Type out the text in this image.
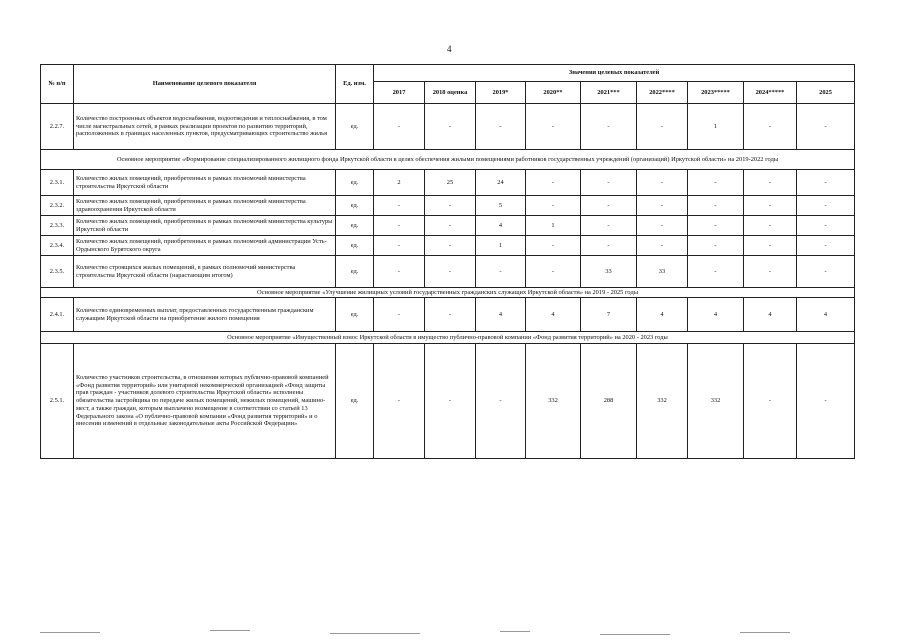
4
№ п/п	Наименование целевого показателя	Ед. изм.	Значения целевых показателей								
			2017	2018 оценка	2019*	2020**	2021***	2022****	2023*****	2024*****	2025
2.2.7.	Количество построенных объектов водоснабжения, водоотведения и теплоснабжения, в том числе магистральных сетей, в рамках реализации проектов по развитию территорий, расположенных в границах населенных пунктов, предусматривающих строительство жилья	ед.	-	-	-	-	-	-	1	-	-
Основное мероприятие «Формирование специализированного жилищного фонда Иркутской области в целях обеспечения жилыми помещениями работников государственных учреждений (организаций) Иркутской области» на 2019-2022 годы											
2.3.1.	Количество жилых помещений, приобретенных в рамках полномочий министерства строительства Иркутской области	ед.	2	25	24	-	-	-	-	-	-
2.3.2.	Количество жилых помещений, приобретенных в рамках полномочий министерства здравоохранения Иркутской области	ед.	-	-	5	-	-	-	-	-	-
2.3.3.	Количество жилых помещений, приобретенных в рамках полномочий министерства культуры Иркутской области	ед.	-	-	4	1	-	-	-	-	-
2.3.4.	Количество жилых помещений, приобретенных в рамках полномочий администрации Усть-Ордынского Бурятского округа	ед.	-	-	1	-	-	-	-	-	-
2.3.5.	Количество строящихся жилых помещений, в рамках полномочий министерства строительства Иркутской области (нарастающим итогом)	ед.	-	-	-	-	33	33	-	-	-
Основное мероприятие «Улучшение жилищных условий государственных гражданских служащих Иркутской области» на 2019 - 2025 годы											
2.4.1.	Количество единовременных выплат, предоставленных государственным гражданским служащим Иркутской области на приобретение жилого помещения	ед.	-	-	4	4	7	4	4	4	4
Основное мероприятие «Имущественный взнос Иркутской области в имущество публично-правовой компании «Фонд развития территорий» на 2020 - 2023 годы											
2.5.1.	Количество участников строительства, в отношении которых публично-правовой компанией «Фонд развития территорий» или унитарной некоммерческой организацией «Фонд защиты прав граждан - участников долевого строительства Иркутской области» исполнены обязательства застройщика по передаче жилых помещений, нежилых помещений, машино-мест, а также граждан, которым выплачено возмещение в соответствии со статьей 13 Федерального закона «О публично-правовой компании «Фонд развития территорий» и о внесении изменений в отдельные законодательные акты Российской Федерации»	ед.	-	-	-	332	288	332	332	-	-
